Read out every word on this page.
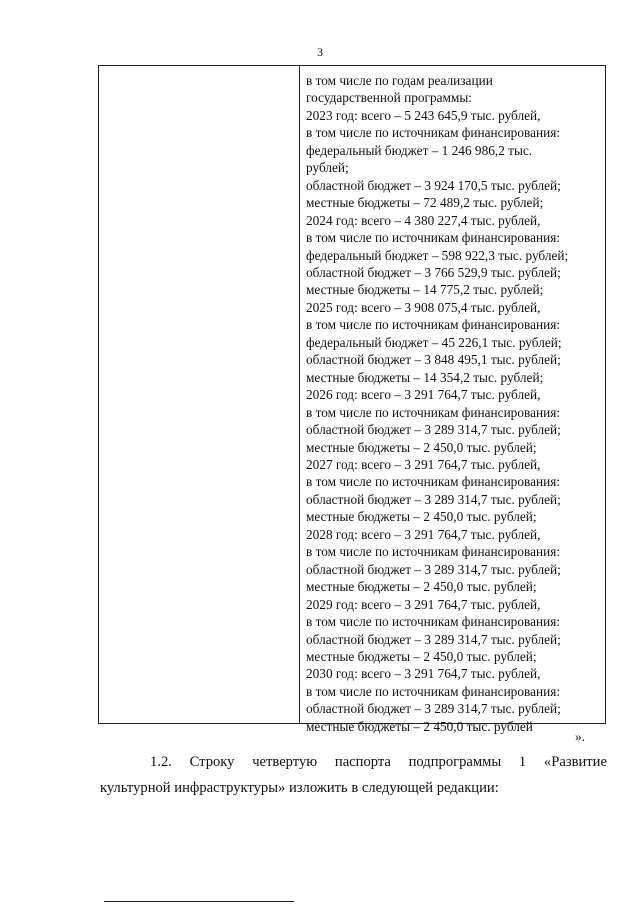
3
в том числе по годам реализации
государственной программы:
2023 год: всего – 5 243 645,9 тыс. рублей,
в том числе по источникам финансирования:
федеральный бюджет – 1 246 986,2 тыс.
рублей;
областной бюджет – 3 924 170,5 тыс. рублей;
местные бюджеты – 72 489,2 тыс. рублей;
2024 год: всего – 4 380 227,4 тыс. рублей,
в том числе по источникам финансирования:
федеральный бюджет – 598 922,3 тыс. рублей;
областной бюджет – 3 766 529,9 тыс. рублей;
местные бюджеты – 14 775,2 тыс. рублей;
2025 год: всего – 3 908 075,4 тыс. рублей,
в том числе по источникам финансирования:
федеральный бюджет – 45 226,1 тыс. рублей;
областной бюджет – 3 848 495,1 тыс. рублей;
местные бюджеты – 14 354,2 тыс. рублей;
2026 год: всего – 3 291 764,7 тыс. рублей,
в том числе по источникам финансирования:
областной бюджет – 3 289 314,7 тыс. рублей;
местные бюджеты – 2 450,0 тыс. рублей;
2027 год: всего – 3 291 764,7 тыс. рублей,
в том числе по источникам финансирования:
областной бюджет – 3 289 314,7 тыс. рублей;
местные бюджеты – 2 450,0 тыс. рублей;
2028 год: всего – 3 291 764,7 тыс. рублей,
в том числе по источникам финансирования:
областной бюджет – 3 289 314,7 тыс. рублей;
местные бюджеты – 2 450,0 тыс. рублей;
2029 год: всего – 3 291 764,7 тыс. рублей,
в том числе по источникам финансирования:
областной бюджет – 3 289 314,7 тыс. рублей;
местные бюджеты – 2 450,0 тыс. рублей;
2030 год: всего – 3 291 764,7 тыс. рублей,
в том числе по источникам финансирования:
областной бюджет – 3 289 314,7 тыс. рублей;
местные бюджеты – 2 450,0 тыс. рублей
».
1.2. Строку четвертую паспорта подпрограммы 1 «Развитие
культурной инфраструктуры» изложить в следующей редакции:
